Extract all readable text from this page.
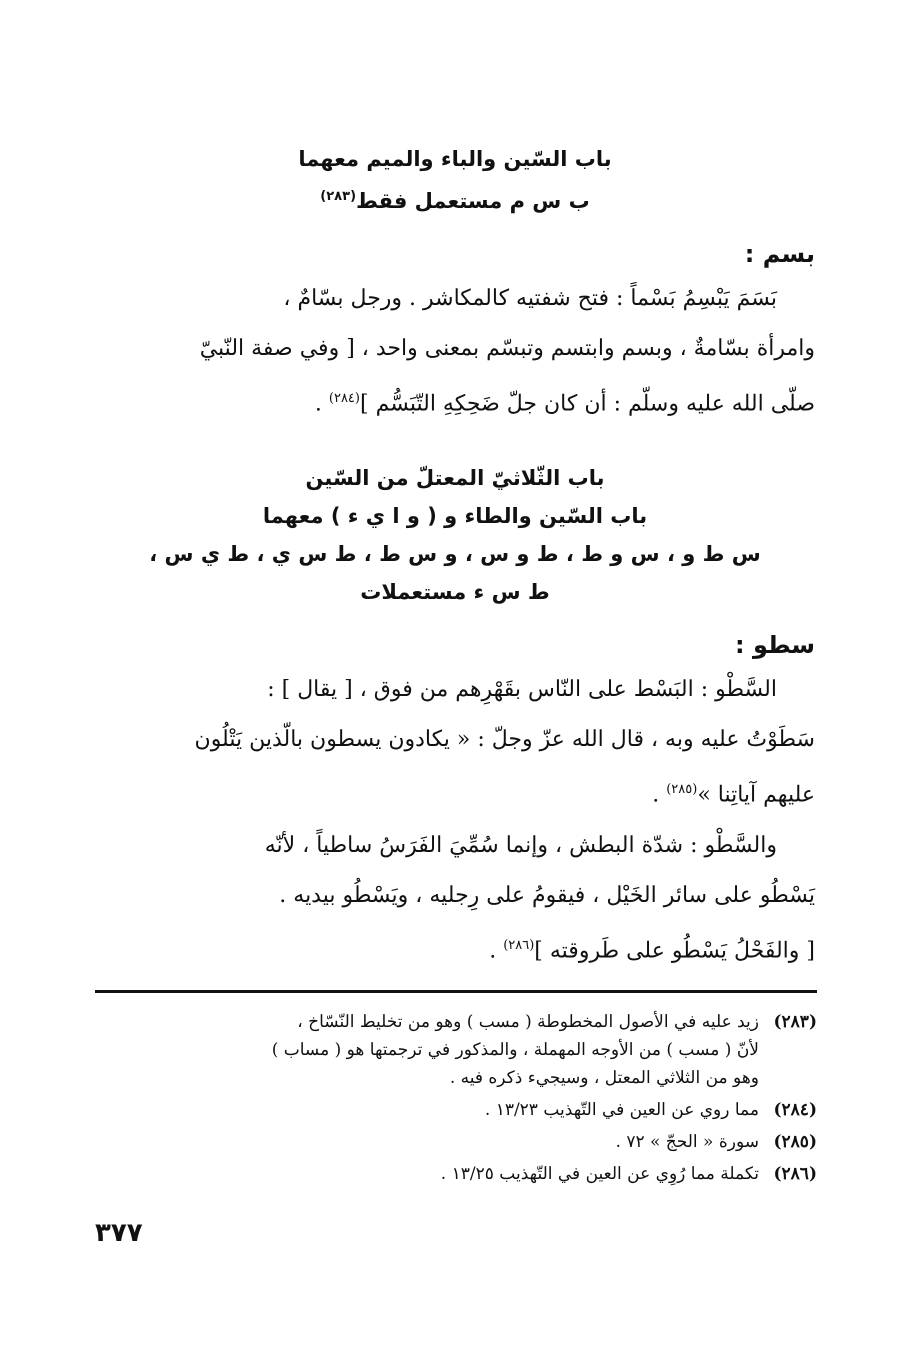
باب السّين والباء والميم معهما

ب س م مستعمل فقط$^{(٢٨٣)}$

بسم :

بَسَمَ يَبْسِمُ بَسْماً : فتح شفتيه كالمكاشر . ورجل بسّامٌ ،

وامرأة بسّامةٌ ، وبسم وابتسم وتبسّم بمعنى واحد ، [ وفي صفة النّبيّ

صلّى الله عليه وسلّم : أن كان جلّ ضَحِكِهِ التّبَسُّم ]$^{(٢٨٤)}$ .

باب الثّلاثيّ المعتلّ من السّين

باب السّين والطاء و ( و ا ي ء ) معهما

س ط و ، س و ط ، ط و س ، و س ط ، ط س ي ، ط ي س ،

ط س ء مستعملات

سطو :

السَّطْو : البَسْط على النّاس بقَهْرِهم من فوق ، [ يقال ] :

سَطَوْتُ عليه وبه ، قال الله عزّ وجلّ : « يكادون يسطون بالّذين يَتْلُون

عليهم آياتِنا »$^{(٢٨٥)}$ .

والسَّطْو : شدّة البطش ، وإنما سُمِّيَ الفَرَسُ ساطياً ، لأنّه

يَسْطُو على سائر الخَيْل ، فيقومُ على رِجليه ، ويَسْطُو بيديه .

[ والفَحْلُ يَسْطُو على طَروقته ]$^{(٢٨٦)}$ .

(٢٨٣)
زيد عليه في الأصول المخطوطة ( مسب ) وهو من تخليط النّسّاخ ،
لأنّ ( مسب ) من الأوجه المهملة ، والمذكور في ترجمتها هو ( مساب )
وهو من الثلاثي المعتل ، وسيجيء ذكره فيه .
(٢٨٤)
مما روي عن العين في التّهذيب ١٣/٢٣ .
(٢٨٥)
سورة « الحجّ » ٧٢ .
(٢٨٦)
تكملة مما رُوِي عن العين في التّهذيب ١٣/٢٥ .
٣٧٧
